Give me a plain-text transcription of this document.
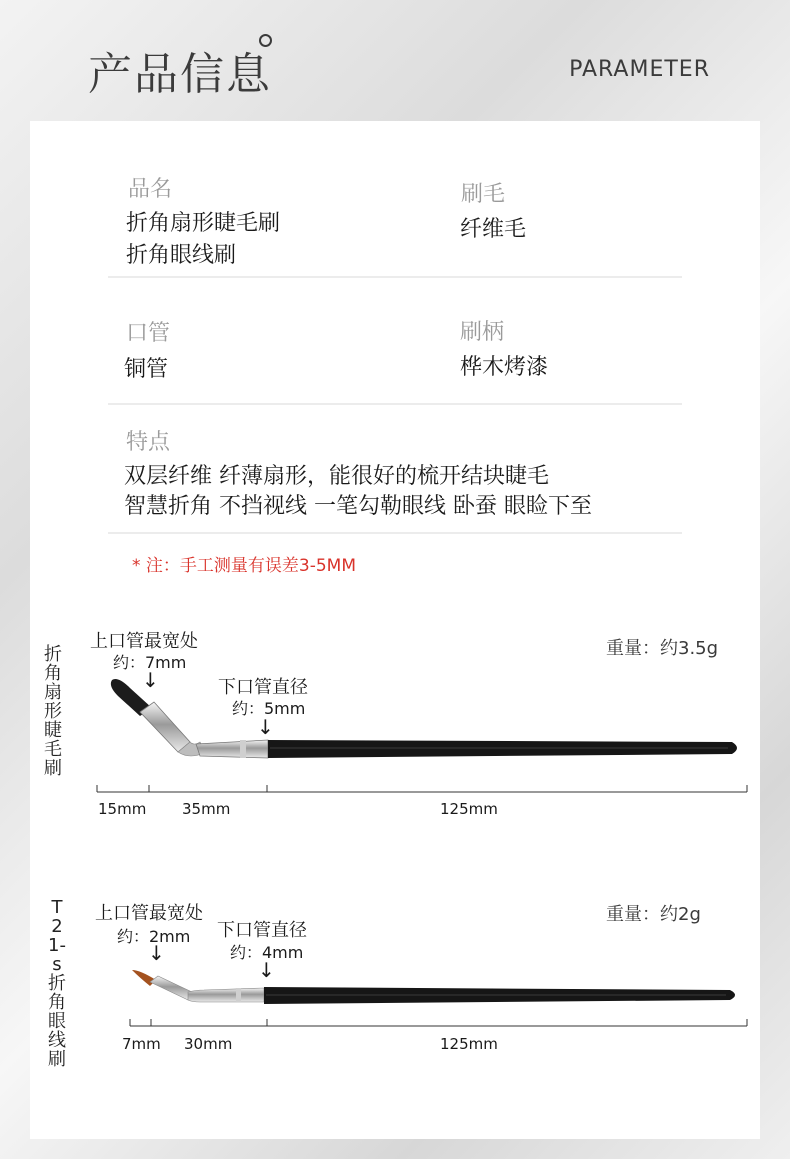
产品信息	PARAMETER
品名
折角扇形睫毛刷
折角眼线刷
刷毛
纤维毛
口管
铜管
刷柄
桦木烤漆
特点
双层纤维 纤薄扇形，能很好的梳开结块睫毛
智慧折角 不挡视线 一笔勾勒眼线 卧蚕 眼睑下至
* 注：手工测量有误差3-5MM
折角扇形睫毛刷
上口管最宽处
约：7mm
↓	下口管直径
约：5mm
↓
重量：约3.5g
15mm 35mm	125mm
T21-s折角眼线刷
上口管最宽处
约：2mm
↓
下口管直径
约：4mm
↓
重量：约2g
7mm 30mm	125mm
